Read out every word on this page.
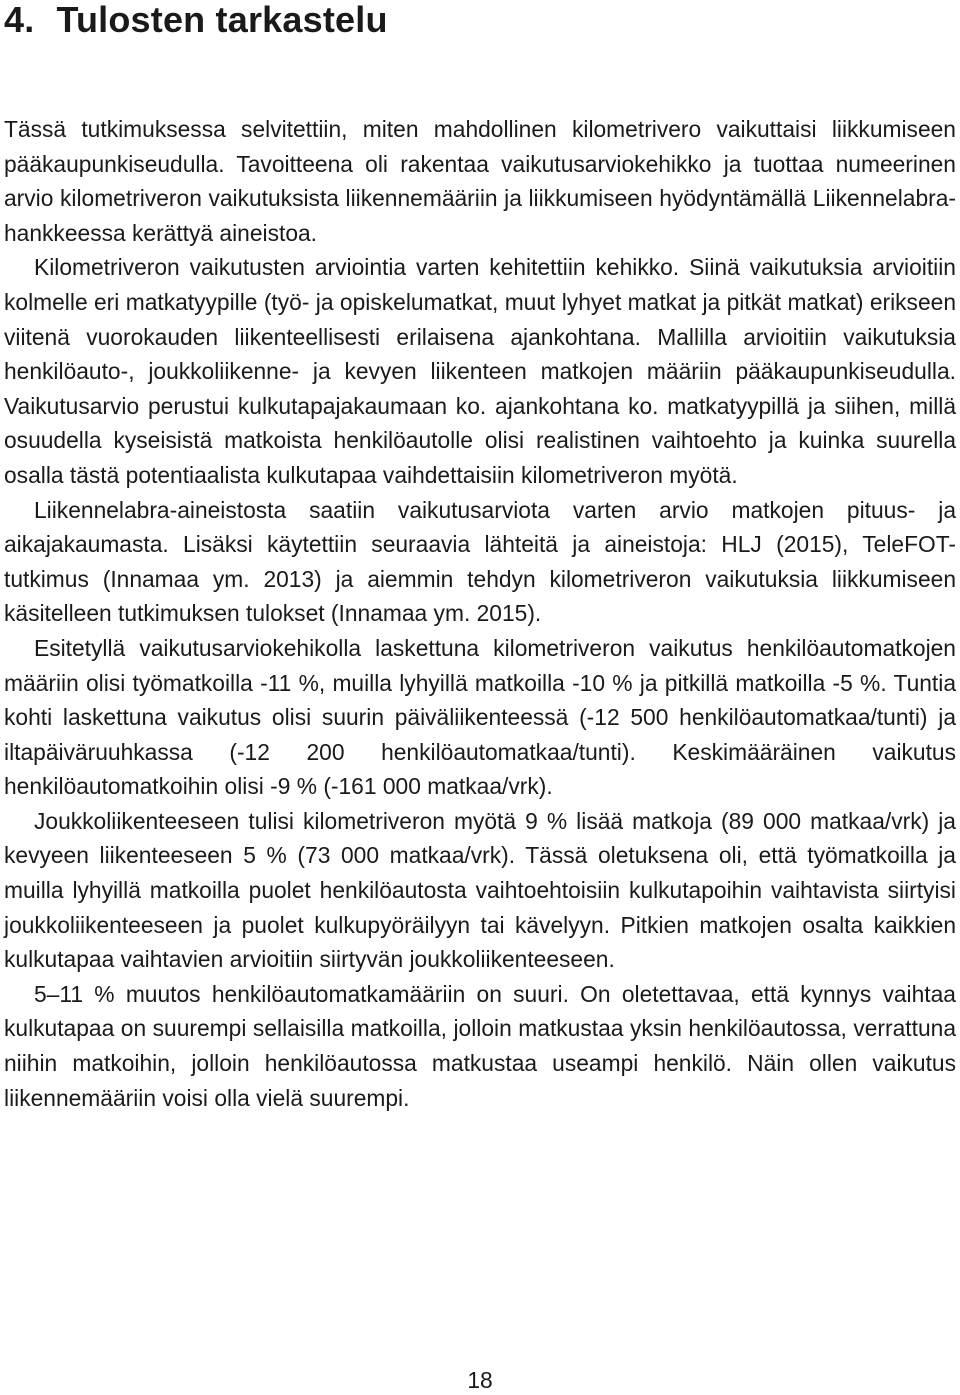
4. Tulosten tarkastelu

Tässä tutkimuksessa selvitettiin, miten mahdollinen kilometrivero vaikuttaisi liikkumiseen pääkaupunkiseudulla. Tavoitteena oli rakentaa vaikutusarviokehikko ja tuottaa numeerinen arvio kilometriveron vaikutuksista liikennemääriin ja liikkumiseen hyödyntämällä Liikennelabra-hankkeessa kerättyä aineistoa.

Kilometriveron vaikutusten arviointia varten kehitettiin kehikko. Siinä vaikutuksia arvioitiin kolmelle eri matkatyypille (työ- ja opiskelumatkat, muut lyhyet matkat ja pitkät matkat) erikseen viitenä vuorokauden liikenteellisesti erilaisena ajankohtana. Mallilla arvioitiin vaikutuksia henkilöauto-, joukkoliikenne- ja kevyen liikenteen matkojen määriin pääkaupunkiseudulla. Vaikutusarvio perustui kulkutapajakaumaan ko. ajankohtana ko. matkatyypillä ja siihen, millä osuudella kyseisistä matkoista henkilöautolle olisi realistinen vaihtoehto ja kuinka suurella osalla tästä potentiaalista kulkutapaa vaihdettaisiin kilometriveron myötä.

Liikennelabra-aineistosta saatiin vaikutusarviota varten arvio matkojen pituus- ja aikajakaumasta. Lisäksi käytettiin seuraavia lähteitä ja aineistoja: HLJ (2015), TeleFOT-tutkimus (Innamaa ym. 2013) ja aiemmin tehdyn kilometriveron vaikutuksia liikkumiseen käsitelleen tutkimuksen tulokset (Innamaa ym. 2015).

Esitetyllä vaikutusarviokehikolla laskettuna kilometriveron vaikutus henkilöautomatkojen määriin olisi työmatkoilla -11 %, muilla lyhyillä matkoilla -10 % ja pitkillä matkoilla -5 %. Tuntia kohti laskettuna vaikutus olisi suurin päiväliikenteessä (-12 500 henkilöautomatkaa/tunti) ja iltapäiväruuhkassa (-12 200 henkilöautomatkaa/tunti). Keskimääräinen vaikutus henkilöautomatkoihin olisi -9 % (-161 000 matkaa/vrk).

Joukkoliikenteeseen tulisi kilometriveron myötä 9 % lisää matkoja (89 000 matkaa/vrk) ja kevyeen liikenteeseen 5 % (73 000 matkaa/vrk). Tässä oletuksena oli, että työmatkoilla ja muilla lyhyillä matkoilla puolet henkilöautosta vaihtoehtoisiin kulkutapoihin vaihtavista siirtyisi joukkoliikenteeseen ja puolet kulkupyöräilyyn tai kävelyyn. Pitkien matkojen osalta kaikkien kulkutapaa vaihtavien arvioitiin siirtyvän joukkoliikenteeseen.

5–11 % muutos henkilöautomatkamääriin on suuri. On oletettavaa, että kynnys vaihtaa kulkutapaa on suurempi sellaisilla matkoilla, jolloin matkustaa yksin henkilöautossa, verrattuna niihin matkoihin, jolloin henkilöautossa matkustaa useampi henkilö. Näin ollen vaikutus liikennemääriin voisi olla vielä suurempi.

18
